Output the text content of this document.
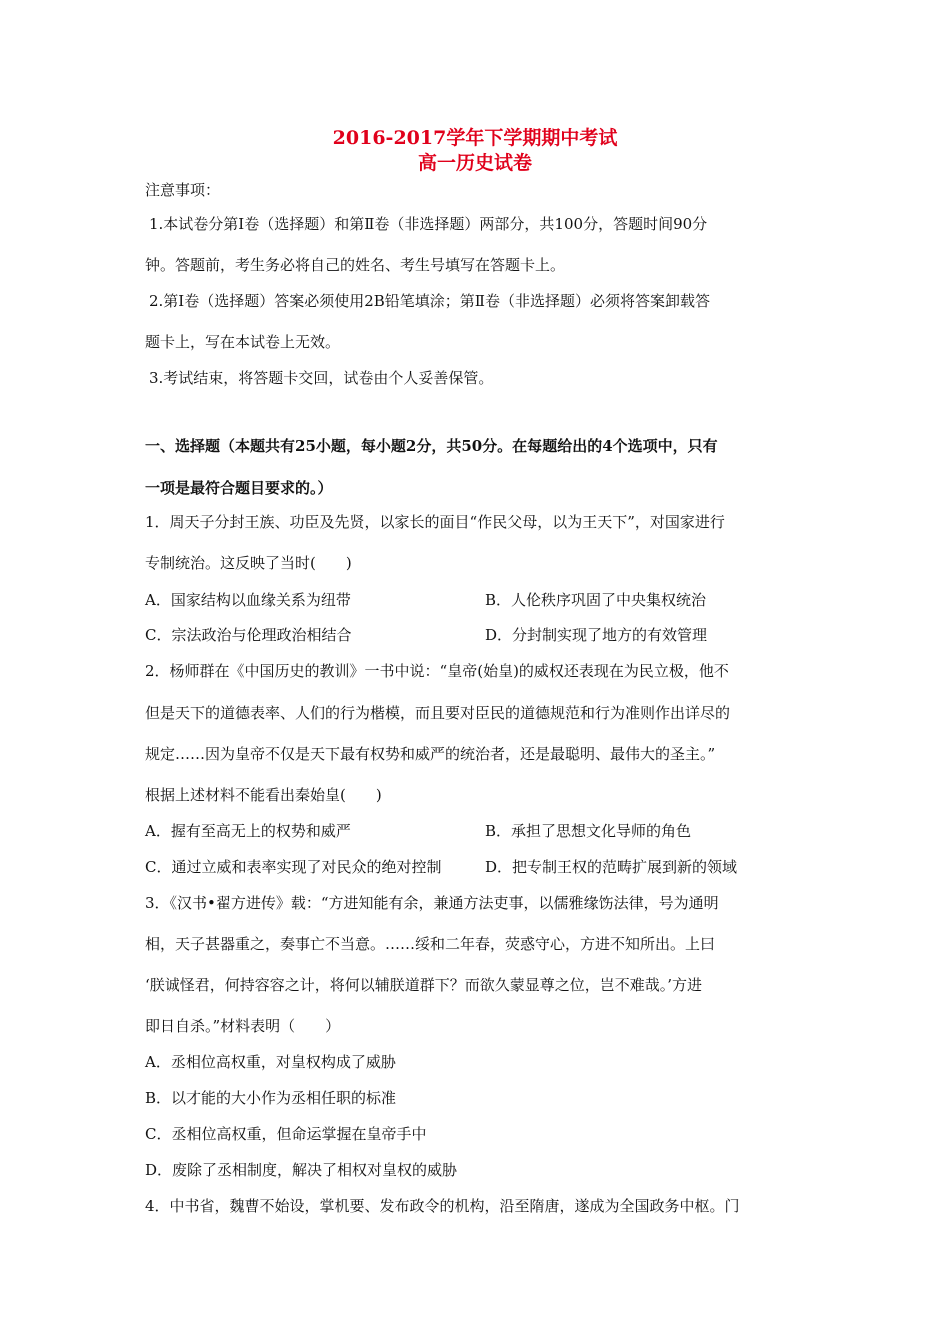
2016-2017学年下学期期中考试

高一历史试卷

注意事项：

1.本试卷分第Ⅰ卷（选择题）和第Ⅱ卷（非选择题）两部分，共100分，答题时间90分

钟。答题前，考生务必将自己的姓名、考生号填写在答题卡上。

2.第Ⅰ卷（选择题）答案必须使用2B铅笔填涂；第Ⅱ卷（非选择题）必须将答案卸载答

题卡上，写在本试卷上无效。

3.考试结束，将答题卡交回，试卷由个人妥善保管。

一、选择题（本题共有25小题，每小题2分，共50分。在每题给出的4个选项中，只有

一项是最符合题目要求的。）

1．周天子分封王族、功臣及先贤，以家长的面目“作民父母，以为王天下”，对国家进行

专制统治。这反映了当时(　　)

A．国家结构以血缘关系为纽带	B．人伦秩序巩固了中央集权统治

C．宗法政治与伦理政治相结合	D．分封制实现了地方的有效管理

2．杨师群在《中国历史的教训》一书中说：“皇帝(始皇)的威权还表现在为民立极，他不

但是天下的道德表率、人们的行为楷模，而且要对臣民的道德规范和行为准则作出详尽的

规定……因为皇帝不仅是天下最有权势和威严的统治者，还是最聪明、最伟大的圣主。”

根据上述材料不能看出秦始皇(　　)

A．握有至高无上的权势和威严	B．承担了思想文化导师的角色

C．通过立威和表率实现了对民众的绝对控制	D．把专制王权的范畴扩展到新的领域

3．《汉书•翟方进传》载：“方进知能有余，兼通方法吏事，以儒雅缘饬法律，号为通明

相，天子甚器重之，奏事亡不当意。……绥和二年春，荧惑守心，方进不知所出。上曰

‘朕诚怪君，何持容容之计，将何以辅朕道群下？而欲久蒙显尊之位，岂不难哉。’方进

即日自杀。”材料表明（　　）

A．丞相位高权重，对皇权构成了威胁

B．以才能的大小作为丞相任职的标准

C．丞相位高权重，但命运掌握在皇帝手中

D．废除了丞相制度，解决了相权对皇权的威胁

4．中书省，魏曹不始设，掌机要、发布政令的机构，沿至隋唐，遂成为全国政务中枢。门
